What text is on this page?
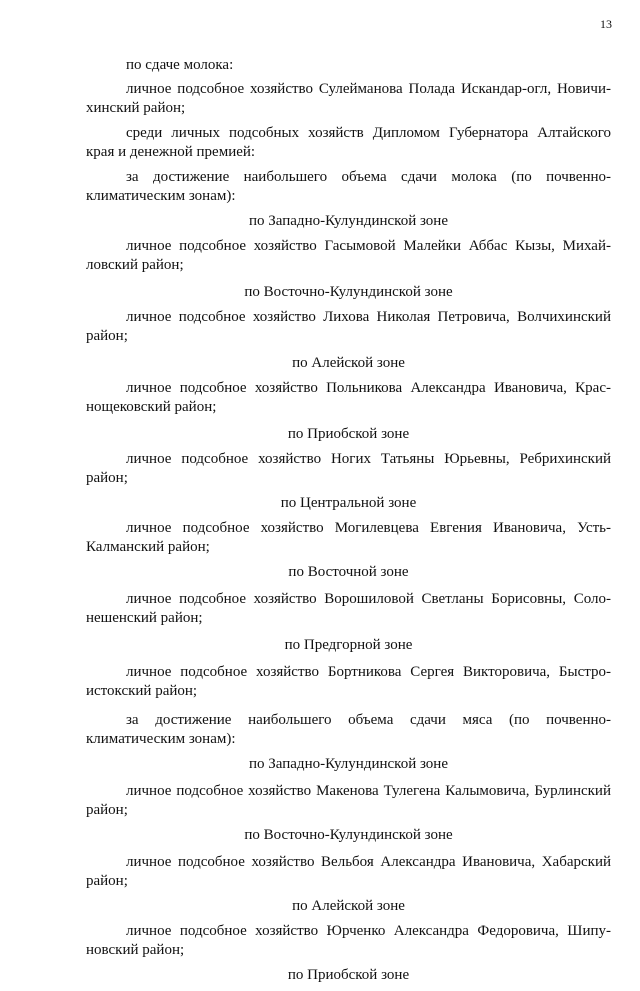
13

по сдаче молока:

личное подсобное хозяйство Сулейманова Полада Искандар-огл, Новичихинский район;

среди личных подсобных хозяйств Дипломом Губернатора Алтайского края и денежной премией:

за достижение наибольшего объема сдачи молока (по почвенно-климатическим зонам):

по Западно-Кулундинской зоне

личное подсобное хозяйство Гасымовой Малейки Аббас Кызы, Михайловский район;

по Восточно-Кулундинской зоне

личное подсобное хозяйство Лихова Николая Петровича, Волчихинский район;

по Алейской зоне

личное подсобное хозяйство Польникова Александра Ивановича, Краснощековский район;

по Приобской зоне

личное подсобное хозяйство Ногих Татьяны Юрьевны, Ребрихинский район;

по Центральной зоне

личное подсобное хозяйство Могилевцева Евгения Ивановича, Усть-Калманский район;

по Восточной зоне

личное подсобное хозяйство Ворошиловой Светланы Борисовны, Солонешенский район;

по Предгорной зоне

личное подсобное хозяйство Бортникова Сергея Викторовича, Быстроистокский район;

за достижение наибольшего объема сдачи мяса (по почвенно-климатическим зонам):

по Западно-Кулундинской зоне

личное подсобное хозяйство Макенова Тулегена Калымовича, Бурлинский район;

по Восточно-Кулундинской зоне

личное подсобное хозяйство Вельбоя Александра Ивановича, Хабарский район;

по Алейской зоне

личное подсобное хозяйство Юрченко Александра Федоровича, Шипуновский район;

по Приобской зоне
